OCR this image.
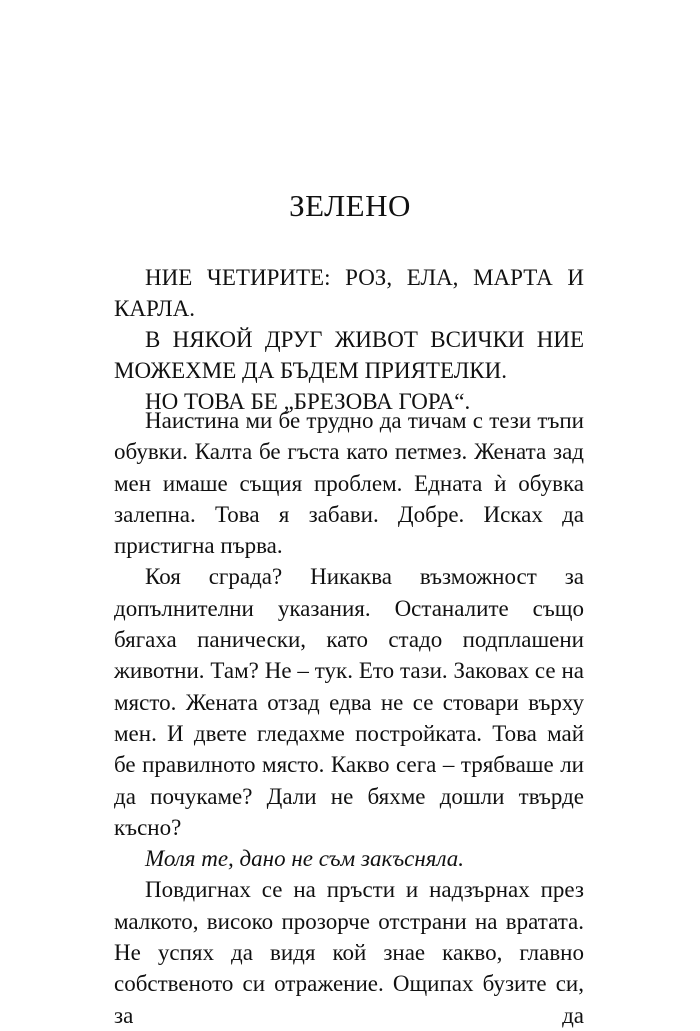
ЗЕЛЕНО

НИЕ ЧЕТИРИТЕ: РОЗ, ЕЛА, МАРТА И КАРЛА.

В НЯКОЙ ДРУГ ЖИВОТ ВСИЧКИ НИЕ МОЖЕХМЕ ДА БЪДЕМ ПРИЯТЕЛКИ.

НО ТОВА БЕ „БРЕЗОВА ГОРА“.

Наистина ми бе трудно да тичам с тези тъпи обувки. Калта бе гъста като петмез. Жената зад мен имаше същия проблем. Едната ѝ обувка залепна. Това я забави. Добре. Исках да пристигна първа.

Коя сграда? Никаква възможност за допълнителни указания. Останалите също бягаха панически, като стадо подплашени животни. Там? Не – тук. Ето тази. Заковах се на място. Жената отзад едва не се стовари върху мен. И двете гледахме постройката. Това май бе правилното място. Какво сега – трябваше ли да почукаме? Дали не бяхме дошли твърде късно?

Моля те, дано не съм закъсняла.

Повдигнах се на пръсти и надзърнах през малкото, високо прозорче отстрани на вратата. Не успях да видя кой знае какво, главно собственото си отражение. Ощипах бузите си, за да
